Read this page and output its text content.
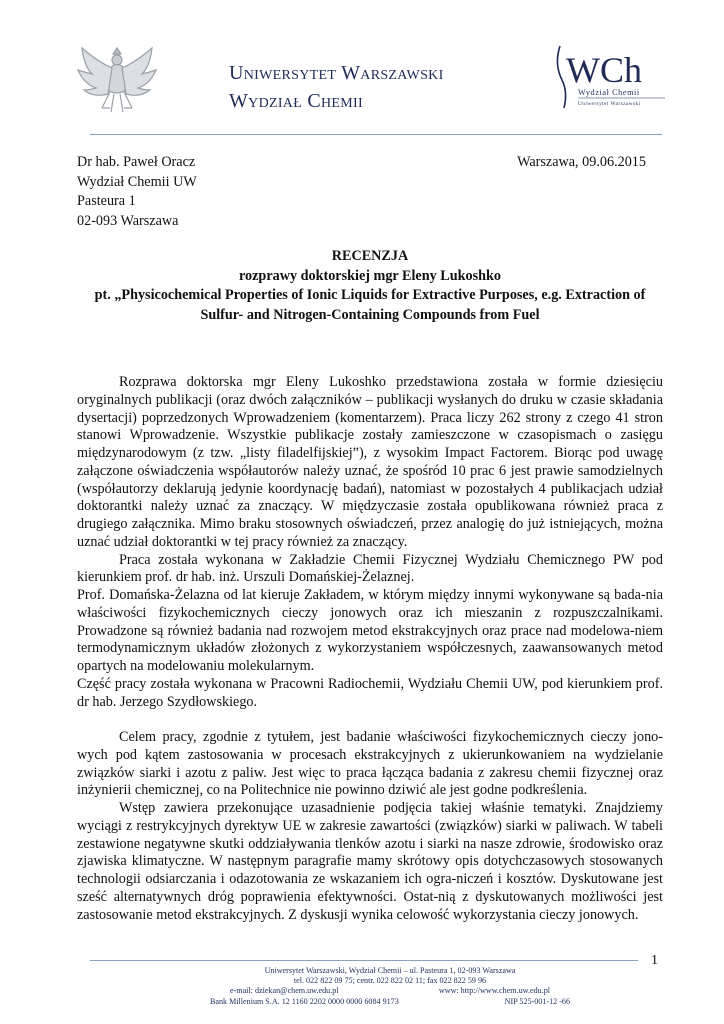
Uniwersytet Warszawski
Wydział Chemii
WCh
Wydział Chemii
Uniwersytet Warszawski
Dr hab. Paweł Oracz
Wydział Chemii UW
Pasteura 1
02-093 Warszawa
Warszawa, 09.06.2015
RECENZJA
rozprawy doktorskiej mgr Eleny Lukoshko
pt. „Physicochemical Properties of Ionic Liquids for Extractive Purposes, e.g. Extraction of
Sulfur- and Nitrogen-Containing Compounds from Fuel

Rozprawa doktorska mgr Eleny Lukoshko przedstawiona została w formie dziesięciu oryginalnych publikacji (oraz dwóch załączników – publikacji wysłanych do druku w czasie składania dysertacji) poprzedzonych Wprowadzeniem (komentarzem). Praca liczy 262 strony z czego 41 stron stanowi Wprowadzenie. Wszystkie publikacje zostały zamieszczone w czasopismach o zasięgu międzynarodowym (z tzw. „listy filadelfijskiej”), z wysokim Impact Factorem. Biorąc pod uwagę załączone oświadczenia współautorów należy uznać, że spośród 10 prac 6 jest prawie samodzielnych (współautorzy deklarują jedynie koordynację badań), natomiast w pozostałych 4 publikacjach udział doktorantki należy uznać za znaczący. W międzyczasie została opublikowana również praca z drugiego załącznika. Mimo braku stosownych oświadczeń, przez analogię do już istniejących, można uznać udział doktorantki w tej pracy również za znaczący.

Praca została wykonana w Zakładzie Chemii Fizycznej Wydziału Chemicznego PW pod kierunkiem prof. dr hab. inż. Urszuli Domańskiej-Żelaznej.

Prof. Domańska-Żelazna od lat kieruje Zakładem, w którym między innymi wykonywane są bada-nia właściwości fizykochemicznych cieczy jonowych oraz ich mieszanin z rozpuszczalnikami. Prowadzone są również badania nad rozwojem metod ekstrakcyjnych oraz prace nad modelowa-niem termodynamicznym układów złożonych z wykorzystaniem współczesnych, zaawansowanych metod opartych na modelowaniu molekularnym.

Część pracy została wykonana w Pracowni Radiochemii, Wydziału Chemii UW, pod kierunkiem prof. dr hab. Jerzego Szydłowskiego.

Celem pracy, zgodnie z tytułem, jest badanie właściwości fizykochemicznych cieczy jono-wych pod kątem zastosowania w procesach ekstrakcyjnych z ukierunkowaniem na wydzielanie związków siarki i azotu z paliw. Jest więc to praca łącząca badania z zakresu chemii fizycznej oraz inżynierii chemicznej, co na Politechnice nie powinno dziwić ale jest godne podkreślenia.

Wstęp zawiera przekonujące uzasadnienie podjęcia takiej właśnie tematyki. Znajdziemy wyciągi z restrykcyjnych dyrektyw UE w zakresie zawartości (związków) siarki w paliwach. W tabeli zestawione negatywne skutki oddziaływania tlenków azotu i siarki na nasze zdrowie, środowisko oraz zjawiska klimatyczne. W następnym paragrafie mamy skrótowy opis dotychczasowych stosowanych technologii odsiarczania i odazotowania ze wskazaniem ich ogra-niczeń i kosztów. Dyskutowane jest sześć alternatywnych dróg poprawienia efektywności. Ostat-nią z dyskutowanych możliwości jest zastosowanie metod ekstrakcyjnych. Z dyskusji wynika celowość wykorzystania cieczy jonowych.

1
Uniwersytet Warszawski, Wydział Chemii – ul. Pasteura 1, 02-093 Warszawa
tel. 022 822 09 75; centr. 022 822 02 11; fax 022 822 59 96
e-mail: dziekan@chem.uw.edu.pl	www: http://www.chem.uw.edu.pl
Bank Millenium S.A. 12 1160 2202 0000 0000 6084 9173	NIP 525-001-12 -66
